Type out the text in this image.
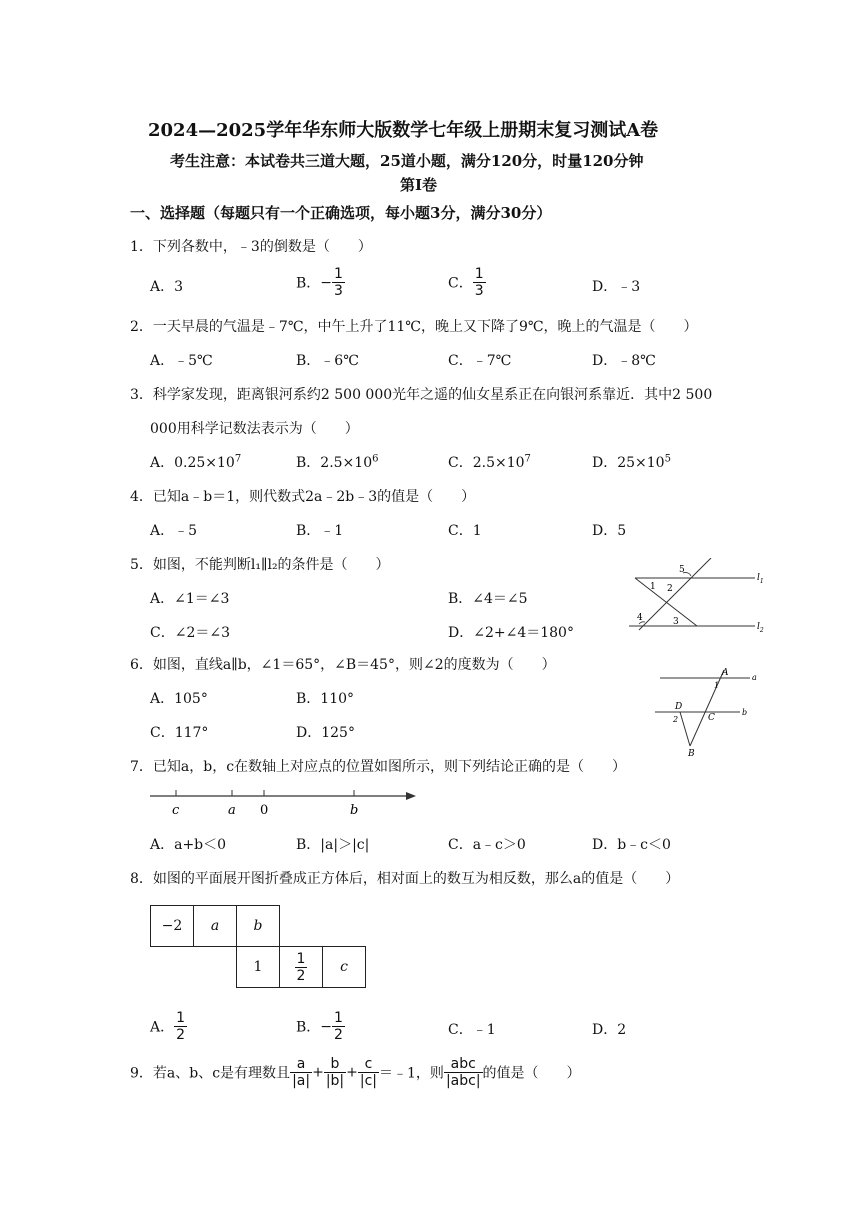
2024—2025学年华东师大版数学七年级上册期末复习测试A卷
考生注意：本试卷共三道大题，25道小题，满分120分，时量120分钟
第Ⅰ卷
一、选择题（每题只有一个正确选项，每小题3分，满分30分）
1．下列各数中，﹣3的倒数是（　　）
A．3	B．− $\frac{1}{3}$	C． $\frac{1}{3}$	D．﹣3
2．一天早晨的气温是﹣7℃，中午上升了11℃，晚上又下降了9℃，晚上的气温是（　　）
A．﹣5℃	B．﹣6℃	C．﹣7℃	D．﹣8℃
3．科学家发现，距离银河系约2 500 000光年之遥的仙女星系正在向银河系靠近．其中2 500
000用科学记数法表示为（　　）
A．$0.25\times 10^7$	B．$2.5\times 10^6$	C．$2.5\times 10^7$	D．$25\times 10^5$
4．已知a﹣b＝1，则代数式2a﹣2b﹣3的值是（　　）
A．﹣5	B．﹣1	C．1	D．5
5．如图，不能判断l₁∥l₂的条件是（　　）
A．∠1＝∠3	B．∠4＝∠5
C．∠2＝∠3	D．∠2+∠4＝180°
1 2
3
4
5
$l_1$
$l_2$
6．如图，直线a∥b，∠1＝65°，∠B＝45°，则∠2的度数为（　　）
A．105°	B．110°
C．117°	D．125°
A
1
a
b
D
2	C
B
7．已知a，b，c在数轴上对应点的位置如图所示，则下列结论正确的是（　　）
c	a 0	b
A．a+b＜0	B．|a|＞|c|	C．a﹣c＞0	D．b﹣c＜0
8．如图的平面展开图折叠成正方体后，相对面上的数互为相反数，那么a的值是（　　）
−2	a	b		
		1	$\frac{1}{2}$	c
A． $\frac{1}{2}$	B．− $\frac{1}{2}$	C．﹣1	D．2
9．若a、b、c是有理数且 $\frac{a}{|a|} + \frac{b}{|b|} + \frac{c}{|c|}$ ＝﹣1，则 $\frac{\text{abc}}{\text{|abc|}}$ 的值是（　　）
